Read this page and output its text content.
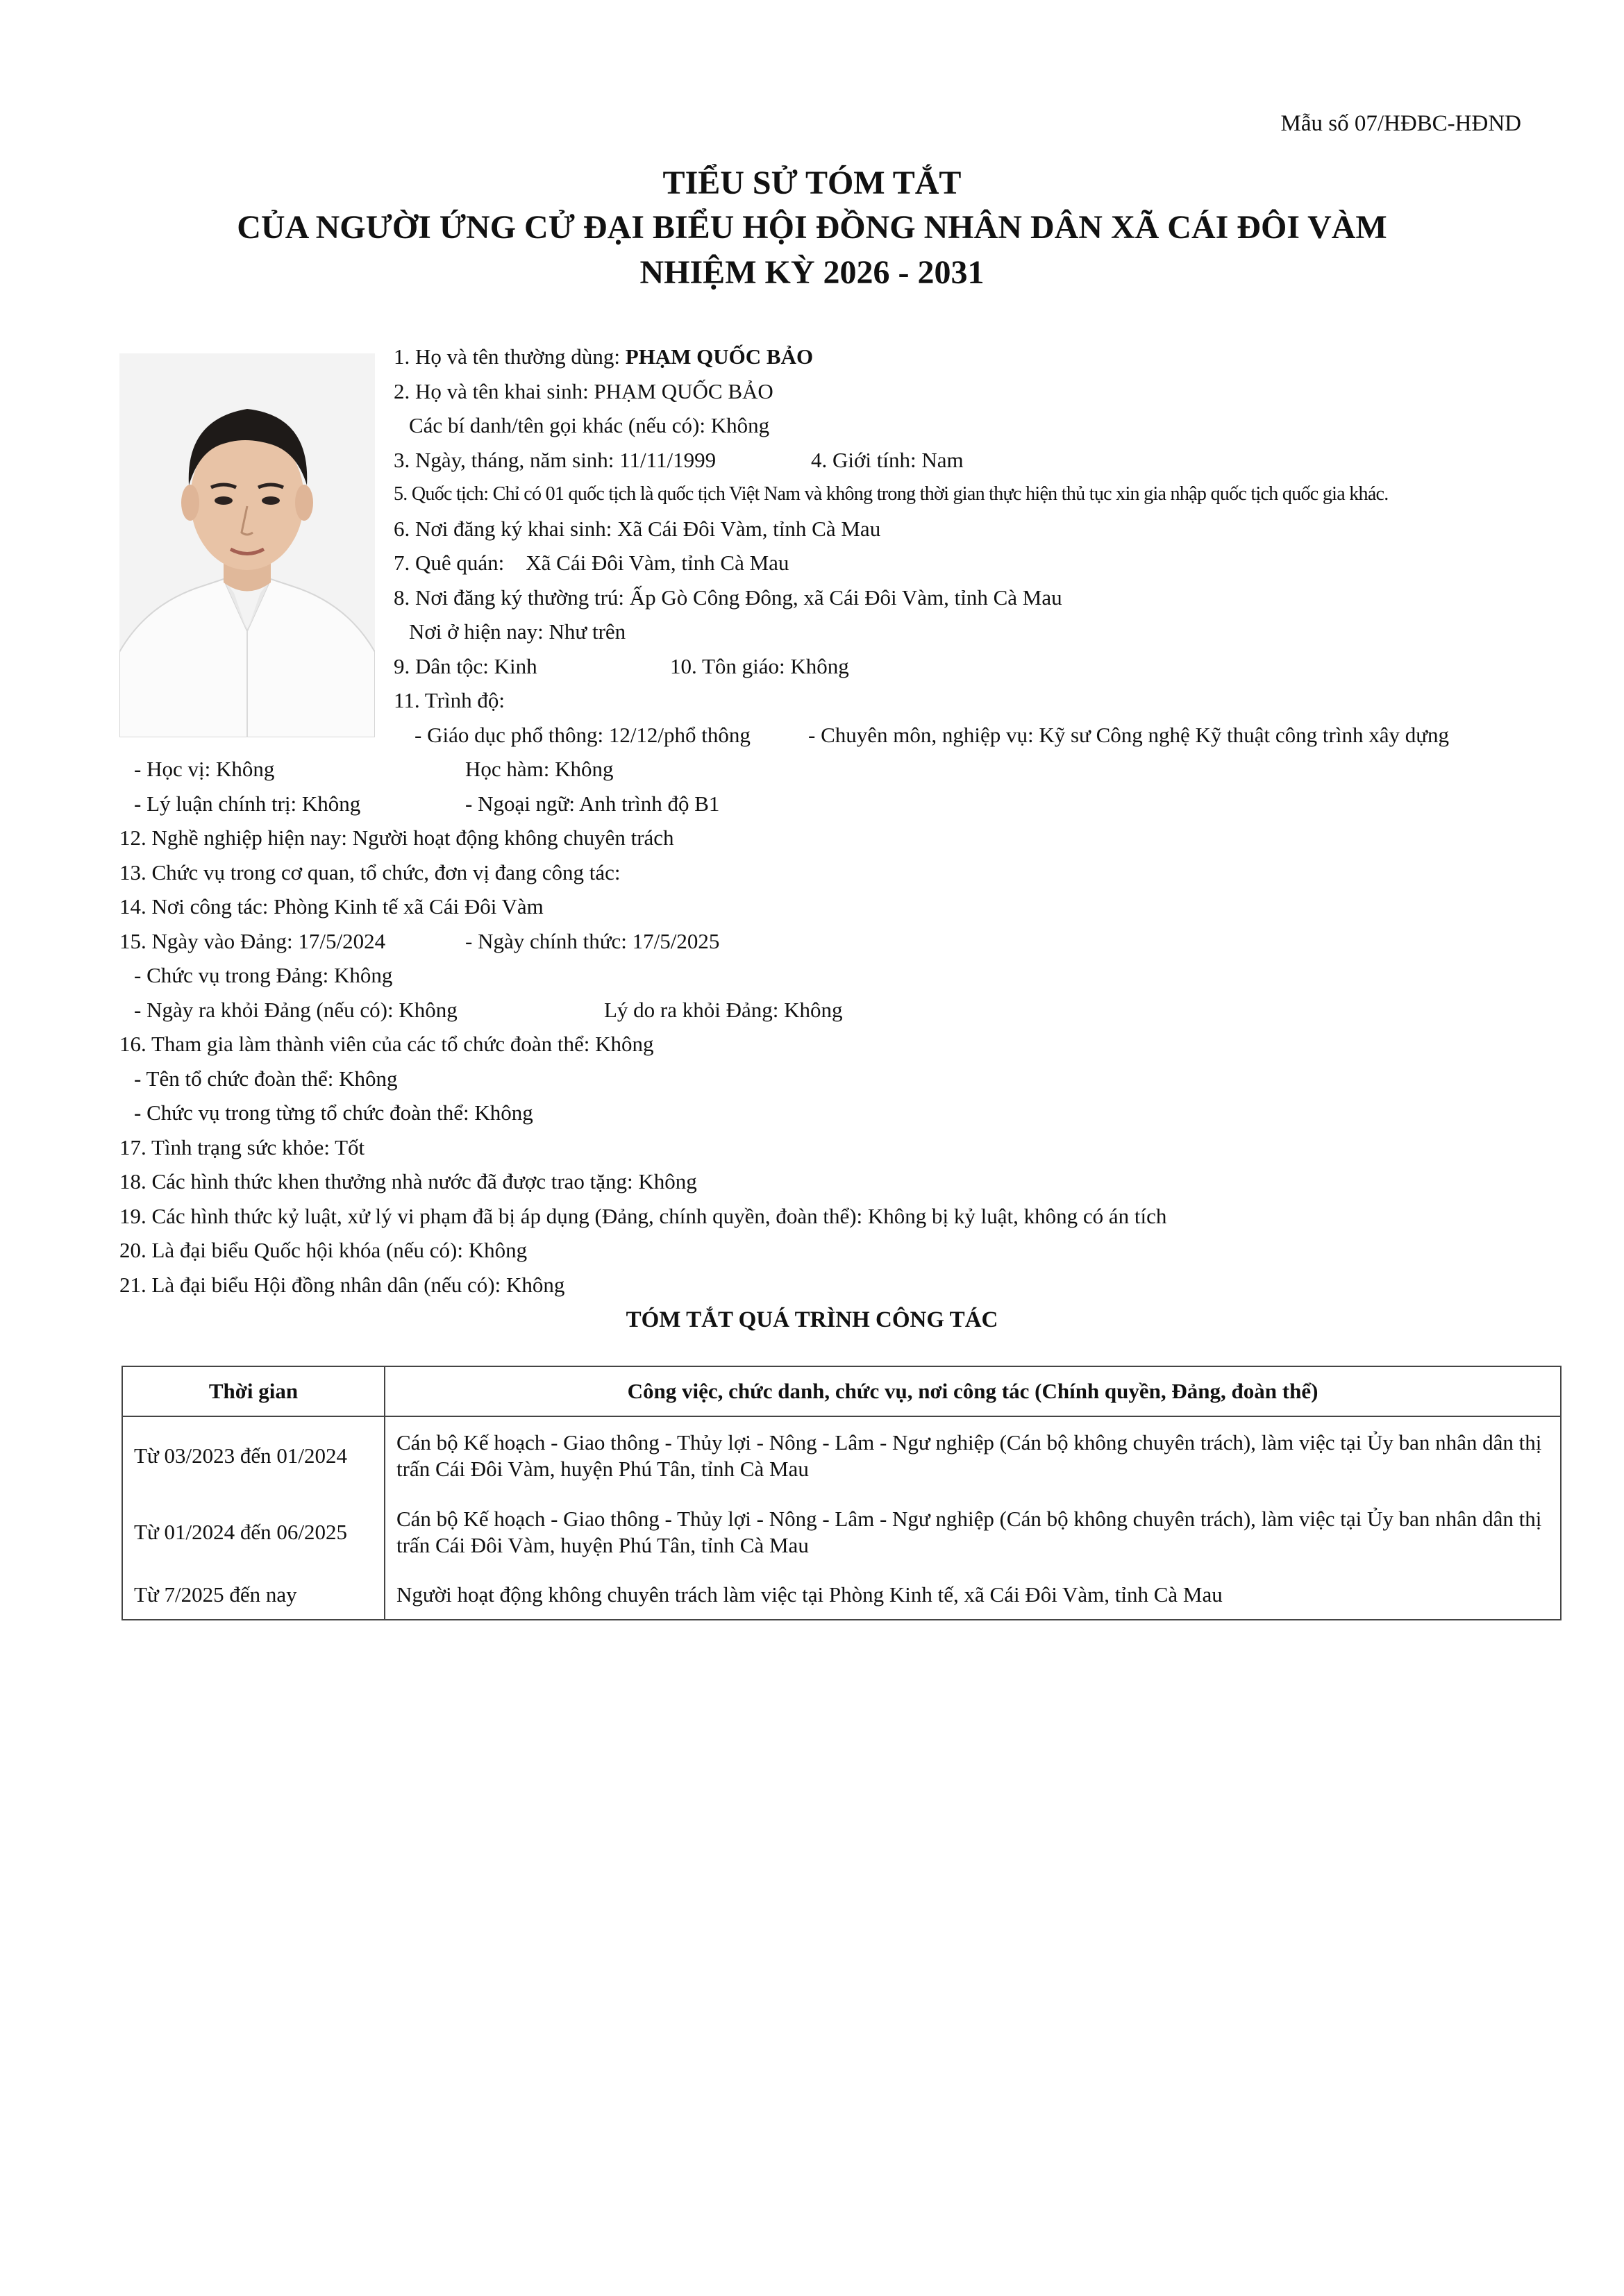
Mẫu số 07/HĐBC-HĐND
TIỂU SỬ TÓM TẮT
CỦA NGƯỜI ỨNG CỬ ĐẠI BIỂU HỘI ĐỒNG NHÂN DÂN XÃ CÁI ĐÔI VÀM
NHIỆM KỲ 2026 - 2031
1. Họ và tên thường dùng: PHẠM QUỐC BẢO
2. Họ và tên khai sinh: PHẠM QUỐC BẢO
Các bí danh/tên gọi khác (nếu có): Không
3. Ngày, tháng, năm sinh: 11/11/1999	4. Giới tính: Nam
5. Quốc tịch: Chỉ có 01 quốc tịch là quốc tịch Việt Nam và không trong thời gian thực hiện thủ tục xin gia nhập quốc tịch quốc gia khác.
6. Nơi đăng ký khai sinh: Xã Cái Đôi Vàm, tỉnh Cà Mau
7. Quê quán:    Xã Cái Đôi Vàm, tỉnh Cà Mau
8. Nơi đăng ký thường trú: Ấp Gò Công Đông, xã Cái Đôi Vàm, tỉnh Cà Mau
Nơi ở hiện nay: Như trên
9. Dân tộc: Kinh	10. Tôn giáo: Không
11. Trình độ:
- Giáo dục phổ thông: 12/12/phổ thông	- Chuyên môn, nghiệp vụ: Kỹ sư Công nghệ Kỹ thuật công trình xây dựng
- Học vị: Không	Học hàm: Không
- Lý luận chính trị: Không	- Ngoại ngữ: Anh trình độ B1
12. Nghề nghiệp hiện nay: Người hoạt động không chuyên trách
13. Chức vụ trong cơ quan, tổ chức, đơn vị đang công tác:
14. Nơi công tác: Phòng Kinh tế xã Cái Đôi Vàm
15. Ngày vào Đảng: 17/5/2024	- Ngày chính thức: 17/5/2025
- Chức vụ trong Đảng: Không
- Ngày ra khỏi Đảng (nếu có): Không	Lý do ra khỏi Đảng: Không
16. Tham gia làm thành viên của các tổ chức đoàn thể: Không
- Tên tổ chức đoàn thể: Không
- Chức vụ trong từng tổ chức đoàn thể: Không
17. Tình trạng sức khỏe: Tốt
18. Các hình thức khen thưởng nhà nước đã được trao tặng: Không
19. Các hình thức kỷ luật, xử lý vi phạm đã bị áp dụng (Đảng, chính quyền, đoàn thể): Không bị kỷ luật, không có án tích
20. Là đại biểu Quốc hội khóa (nếu có): Không
21. Là đại biểu Hội đồng nhân dân (nếu có): Không
TÓM TẮT QUÁ TRÌNH CÔNG TÁC
Thời gian	Công việc, chức danh, chức vụ, nơi công tác (Chính quyền, Đảng, đoàn thể)
Từ 03/2023 đến 01/2024	Cán bộ Kế hoạch - Giao thông - Thủy lợi - Nông - Lâm - Ngư nghiệp (Cán bộ không chuyên trách), làm việc tại Ủy ban nhân dân thị trấn Cái Đôi Vàm, huyện Phú Tân, tỉnh Cà Mau
Từ 01/2024 đến 06/2025	Cán bộ Kế hoạch - Giao thông - Thủy lợi - Nông - Lâm - Ngư nghiệp (Cán bộ không chuyên trách), làm việc tại Ủy ban nhân dân thị trấn Cái Đôi Vàm, huyện Phú Tân, tỉnh Cà Mau
Từ 7/2025 đến nay	Người hoạt động không chuyên trách làm việc tại Phòng Kinh tế, xã Cái Đôi Vàm, tỉnh Cà Mau
